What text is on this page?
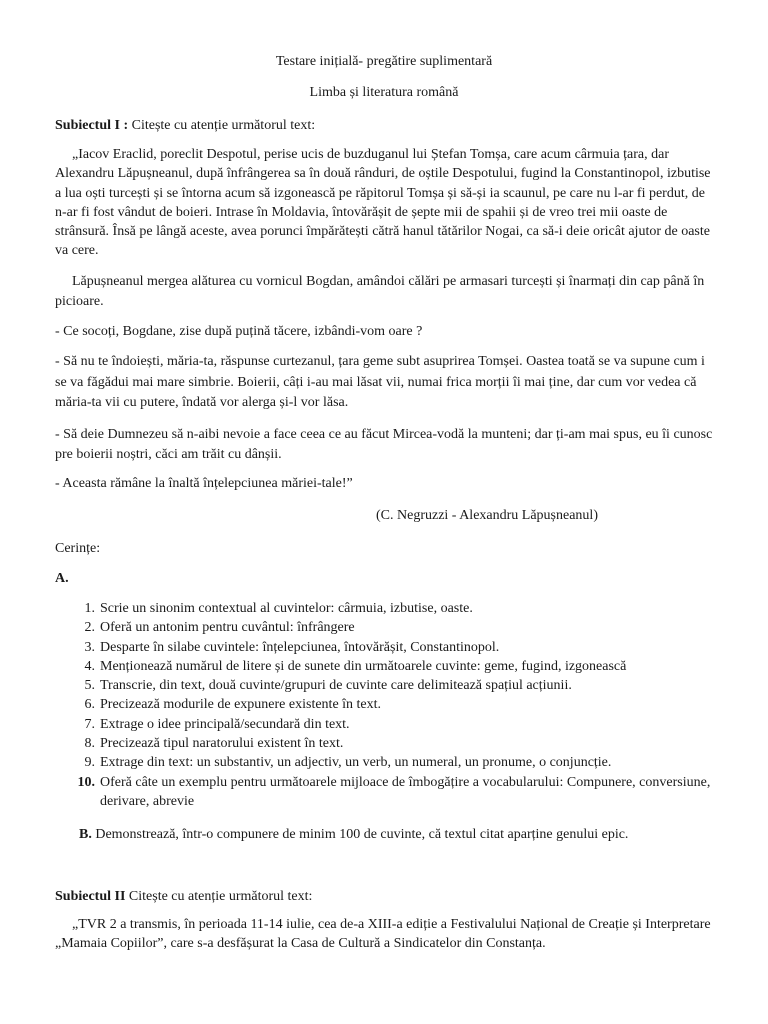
Testare inițială- pregătire suplimentară
Limba și literatura română

Subiectul I : Citește cu atenție următorul text:

„Iacov Eraclid, poreclit Despotul, perise ucis de buzduganul lui Ștefan Tomșa, care acum cârmuia țara, dar Alexandru Lăpușneanul, după înfrângerea sa în două rânduri, de oștile Despotului, fugind la Constantinopol, izbutise a lua oști turcești și se întorna acum să izgonească pe răpitorul Tomșa și să-și ia scaunul, pe care nu l-ar fi perdut, de n-ar fi fost vândut de boieri. Intrase în Moldavia, întovărășit de șepte mii de spahii și de vreo trei mii oaste de strânsură. Însă pe lângă aceste, avea porunci împărătești cătră hanul tătărilor Nogai, ca să-i deie oricât ajutor de oaste va cere.

Lăpușneanul mergea alăturea cu vornicul Bogdan, amândoi călări pe armasari turcești și înarmați din cap până în picioare.

- Ce socoți, Bogdane, zise după puțină tăcere, izbândi-vom oare ?

- Să nu te îndoiești, măria-ta, răspunse curtezanul, țara geme subt asuprirea Tomșei. Oastea toată se va supune cum i se va făgădui mai mare simbrie. Boierii, câți i-au mai lăsat vii, numai frica morții îi mai ține, dar cum vor vedea că măria-ta vii cu putere, îndată vor alerga și-l vor lăsa.

- Să deie Dumnezeu să n-aibi nevoie a face ceea ce au făcut Mircea-vodă la munteni; dar ți-am mai spus, eu îi cunosc pre boierii noștri, căci am trăit cu dânșii.

- Aceasta rămâne la înaltă înțelepciunea măriei-tale!”

(C. Negruzzi - Alexandru Lăpușneanul)
Cerințe:
A.
1. Scrie un sinonim contextual al cuvintelor: cârmuia, izbutise, oaste.
2. Oferă un antonim pentru cuvântul: înfrângere
3. Desparte în silabe cuvintele: înțelepciunea, întovărășit, Constantinopol.
4. Menționează numărul de litere și de sunete din următoarele cuvinte: geme, fugind, izgonească
5. Transcrie, din text, două cuvinte/grupuri de cuvinte care delimitează spațiul acțiunii.
6. Precizează modurile de expunere existente în text.
7. Extrage o idee principală/secundară din text.
8. Precizează tipul naratorului existent în text.
9. Extrage din text: un substantiv, un adjectiv, un verb, un numeral, un pronume, o conjuncție.
10. Oferă câte un exemplu pentru următoarele mijloace de îmbogățire a vocabularului: Compunere, conversiune, derivare, abrevie

B. Demonstrează, într-o compunere de minim 100 de cuvinte, că textul citat aparține genului epic.

Subiectul II Citește cu atenție următorul text:

„TVR 2 a transmis, în perioada 11-14 iulie, cea de-a XIII-a ediție a Festivalului Național de Creație și Interpretare „Mamaia Copiilor”, care s-a desfășurat la Casa de Cultură a Sindicatelor din Constanța.
